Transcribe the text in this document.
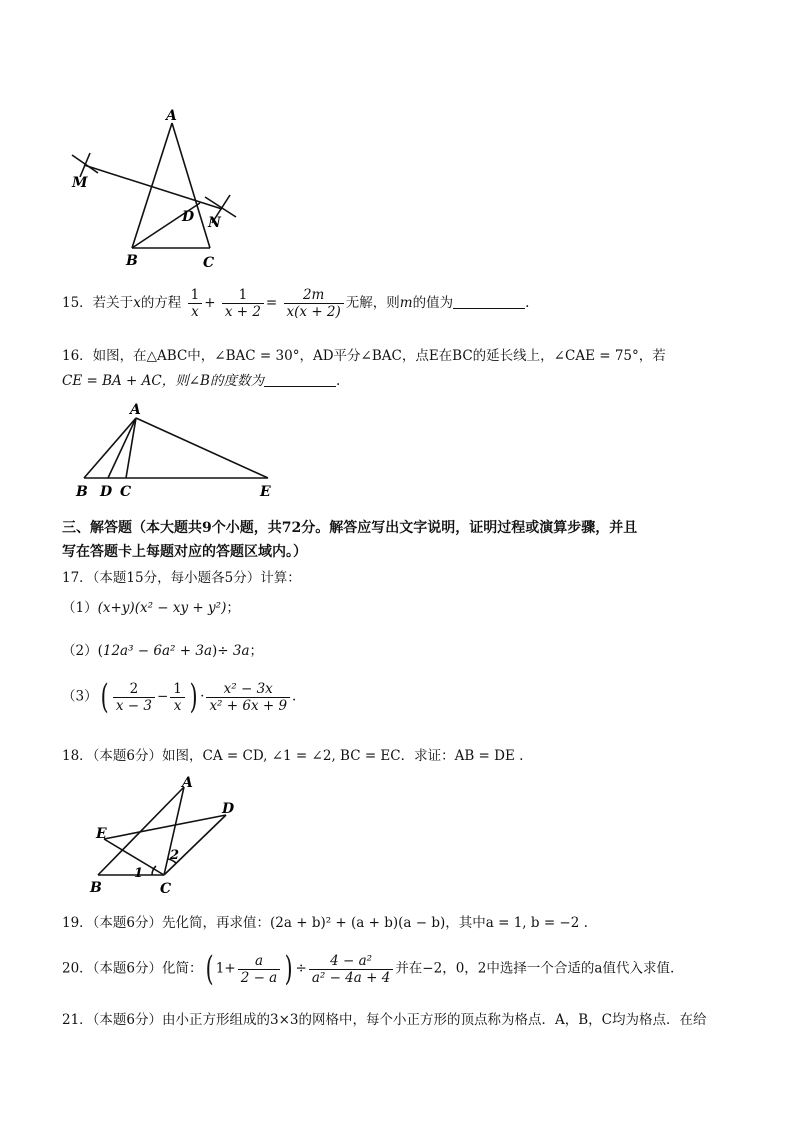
A
M
D N
B	C
15．若关于x的方程 $\frac{1}{x} + \frac{1}{x + 2} = \frac{2m}{x(x + 2)}$ 无解，则m的值为	.
16．如图，在△ABC中，∠BAC = 30°，AD平分∠BAC，点E在BC的延长线上，∠CAE = 75°，若
CE = BA + AC，则∠B的度数为	.
A
B D C	E
三、解答题（本大题共9个小题，共72分。解答应写出文字说明，证明过程或演算步骤，并且
写在答题卡上每题对应的答题区域内。）
17．（本题15分，每小题各5分）计算：
（1）(x+y)(x² − xy + y²)；
（2）(12a³ − 6a² + 3a)÷ 3a；
$(3)( \frac{2}{x - 3} - \frac{1}{x}$ ) · $\frac{\text{x² − 3x}}{\text{x² + 6x + 9}}$ .
18．（本题6分）如图，CA = CD, ∠1 = ∠2, BC = EC．求证：AB = DE .
A
D
E
B	C
1
2
19．（本题6分）先化简，再求值：(2a + b)² + (a + b)(a − b)，其中a = 1, b = −2 .
20．（本题6分）化简：( $1+ \frac{a}{2 - a}$ ) ÷ $\frac{\text{4 − a²}}{\text{a² − 4a + 4}}$ 并在−2，0，2中选择一个合适的a值代入求值.
21．（本题6分）由小正方形组成的3×3的网格中，每个小正方形的顶点称为格点．A，B，C均为格点．在给
